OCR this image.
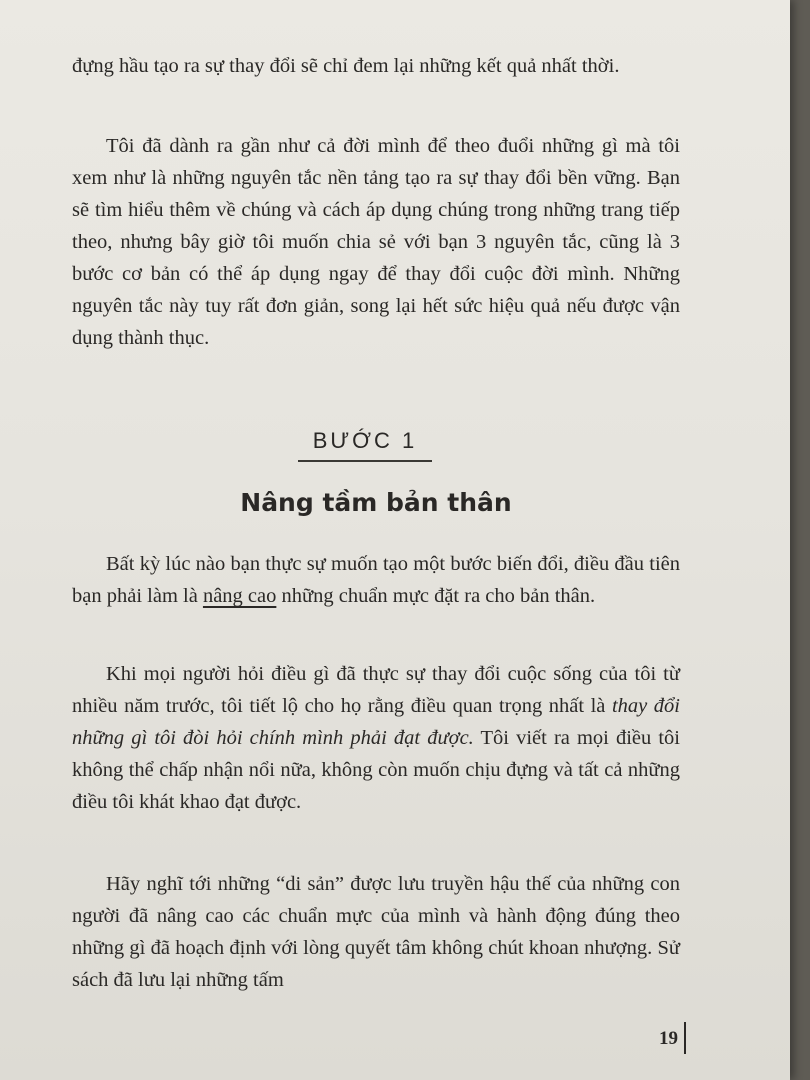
đựng hầu tạo ra sự thay đổi sẽ chỉ đem lại những kết quả nhất thời.

Tôi đã dành ra gần như cả đời mình để theo đuổi những gì mà tôi xem như là những nguyên tắc nền tảng tạo ra sự thay đổi bền vững. Bạn sẽ tìm hiểu thêm về chúng và cách áp dụng chúng trong những trang tiếp theo, nhưng bây giờ tôi muốn chia sẻ với bạn 3 nguyên tắc, cũng là 3 bước cơ bản có thể áp dụng ngay để thay đổi cuộc đời mình. Những nguyên tắc này tuy rất đơn giản, song lại hết sức hiệu quả nếu được vận dụng thành thục.

BƯỚC 1
Nâng tầm bản thân

Bất kỳ lúc nào bạn thực sự muốn tạo một bước biến đổi, điều đầu tiên bạn phải làm là nâng cao những chuẩn mực đặt ra cho bản thân.

Khi mọi người hỏi điều gì đã thực sự thay đổi cuộc sống của tôi từ nhiều năm trước, tôi tiết lộ cho họ rằng điều quan trọng nhất là thay đổi những gì tôi đòi hỏi chính mình phải đạt được. Tôi viết ra mọi điều tôi không thể chấp nhận nổi nữa, không còn muốn chịu đựng và tất cả những điều tôi khát khao đạt được.

Hãy nghĩ tới những “di sản” được lưu truyền hậu thế của những con người đã nâng cao các chuẩn mực của mình và hành động đúng theo những gì đã hoạch định với lòng quyết tâm không chút khoan nhượng. Sử sách đã lưu lại những tấm

19
